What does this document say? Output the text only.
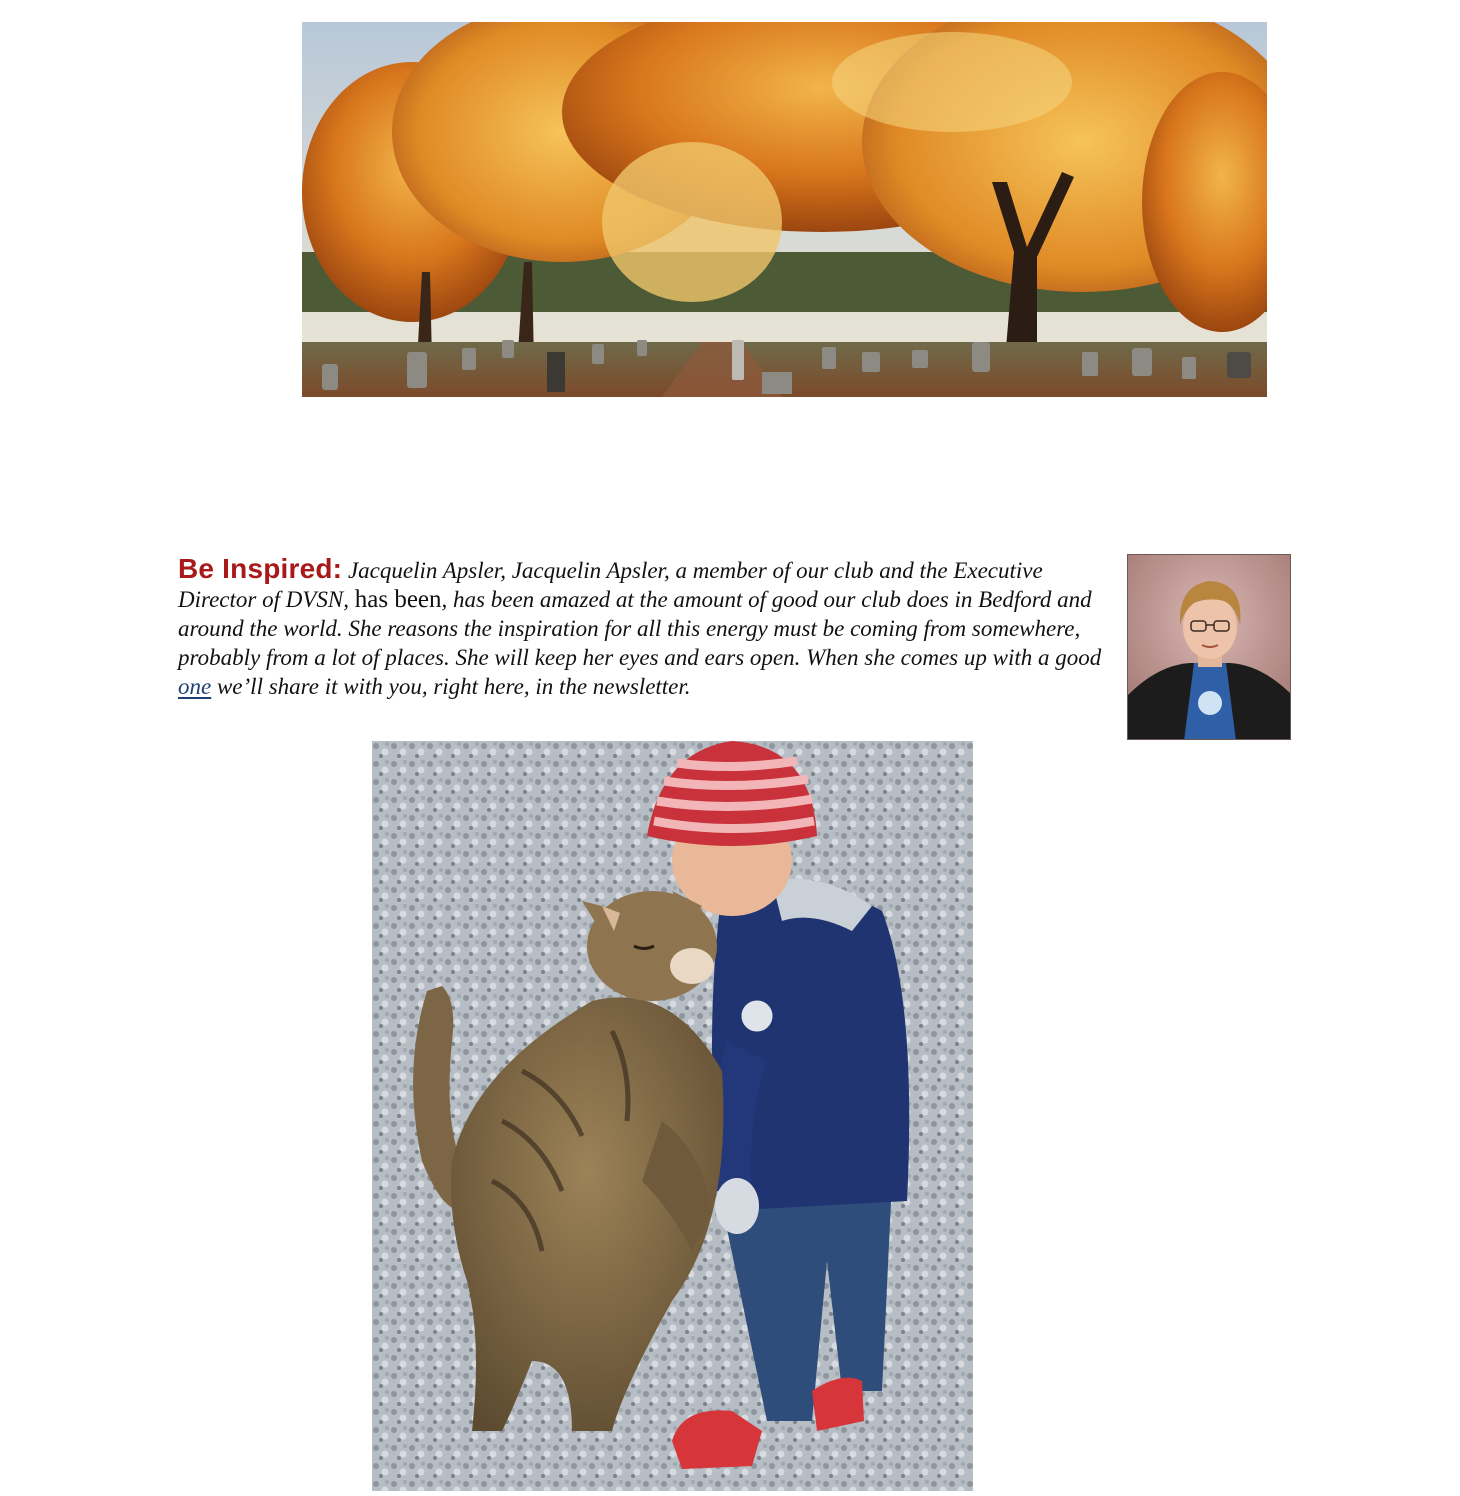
Be Inspired: Jacquelin Apsler, Jacquelin Apsler, a member of our club and the Executive Director of DVSN, has been, has been amazed at the amount of good our club does in Bedford and around the world. She reasons the inspiration for all this energy must be coming from somewhere, probably from a lot of places. She will keep her eyes and ears open. When she comes up with a good one we’ll share it with you, right here, in the newsletter.
